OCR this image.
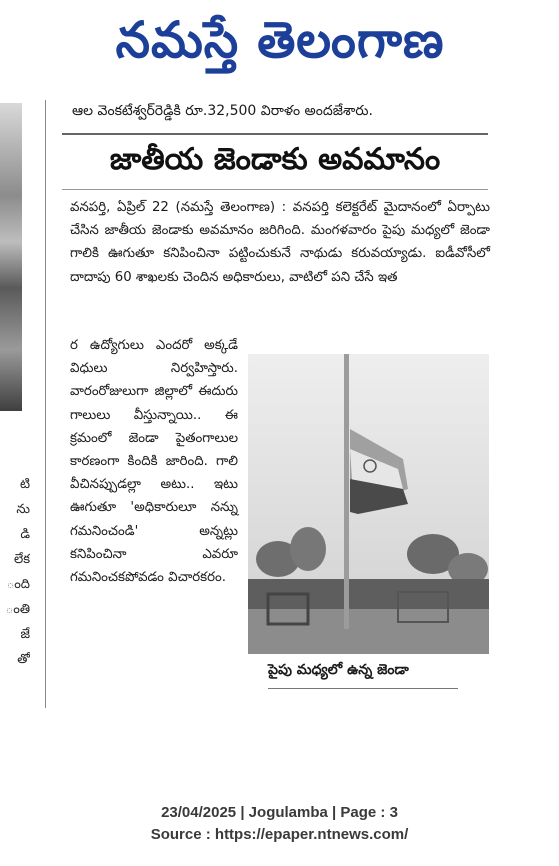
నమస్తే తెలంగాణ
టి
ను
డి
లేక
ంది
ంతి
జే
తో
ఆల వెంకటేశ్వర్‌రెడ్డికి రూ.32,500 విరాళం అందజేశారు.
జాతీయ జెండాకు అవమానం
వనపర్తి, ఏప్రిల్ 22 (నమస్తే తెలంగాణ) : వనపర్తి కలెక్టరేట్ మైదానంలో ఏర్పాటు చేసిన జాతీయ జెండాకు అవమానం జరిగింది. మంగళవారం పైపు మధ్యలో జెండా గాలికి ఊగుతూ కనిపించినా పట్టించుకునే నాథుడు కరువయ్యాడు. ఐడీవోసీలో దాదాపు 60 శాఖలకు చెందిన అధికారులు, వాటిలో పని చేసే ఇత
ర ఉద్యోగులు ఎందరో అక్కడే విధులు నిర్వహిస్తారు. వారంరోజులుగా జిల్లాలో ఈదురు గాలులు వీస్తున్నాయి.. ఈ క్రమంలో జెండా పైతంగాలుల కారణంగా కిందికి జారింది. గాలి వీచినప్పుడల్లా అటు.. ఇటు ఊగుతూ 'అధికారులూ నన్ను గమనించండి' అన్నట్లు కనిపించినా ఎవరూ గమనించకపోవడం విచారకరం.
పైపు మధ్యలో ఉన్న జెండా
23/04/2025 | Jogulamba | Page : 3
Source : https://epaper.ntnews.com/
